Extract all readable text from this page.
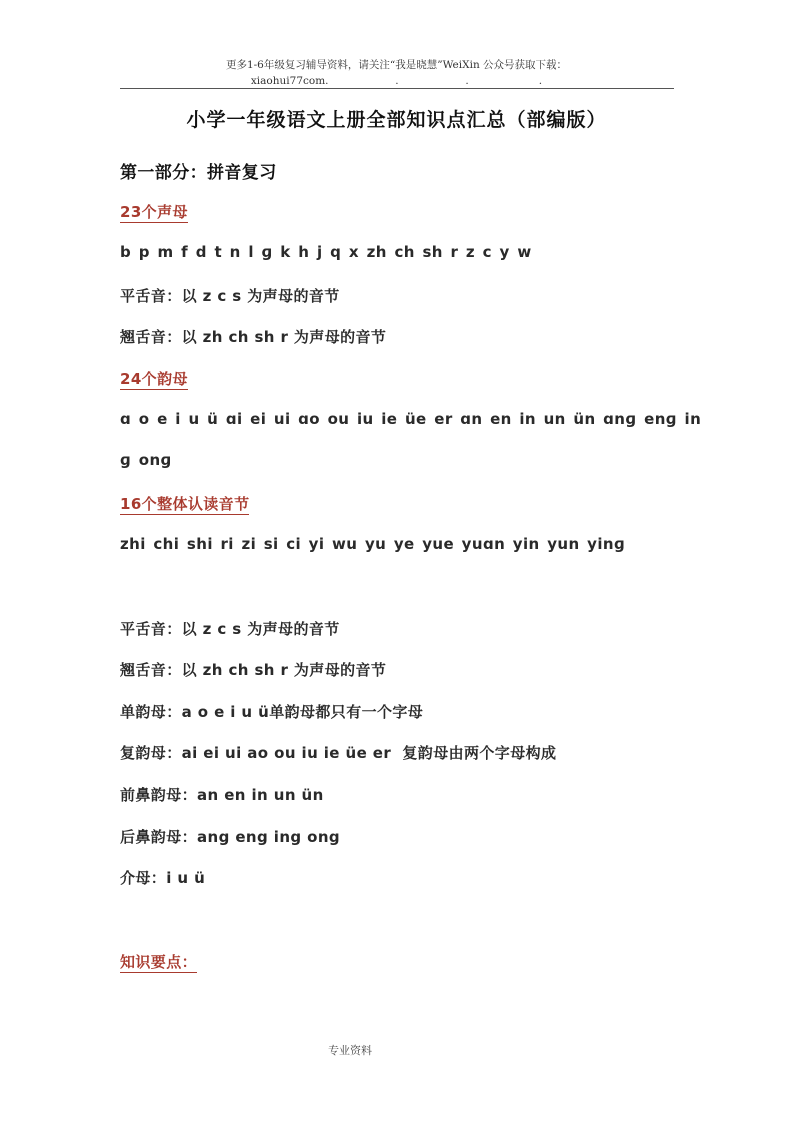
更多1-6年级复习辅导资料，请关注“我是晓慧”WeiXin 公众号获取下载：
xiaohui77com.                    .                    .                     .
小学一年级语文上册全部知识点汇总（部编版）
第一部分：拼音复习
23个声母
b p m f d t n l ɡ k h j q x zh ch sh r z c y w
平舌音：以 z c s 为声母的音节
翘舌音：以 zh ch sh r 为声母的音节
24个韵母
ɑ o e i u ü ɑi ei ui ɑo ou iu ie üe er ɑn en in un ün ɑnɡ enɡ in
ɡ onɡ
16个整体认读音节
zhi chi shi ri zi si ci yi wu yu ye yue yuɑn yin yun yinɡ
平舌音：以 z c s 为声母的音节
翘舌音：以 zh ch sh r 为声母的音节
单韵母：a o e i u ü单韵母都只有一个字母
复韵母：ai ei ui ao ou iu ie üe er  复韵母由两个字母构成
前鼻韵母：an en in un ün
后鼻韵母：ang eng ing ong
介母：i u ü
知识要点：
专业资料
